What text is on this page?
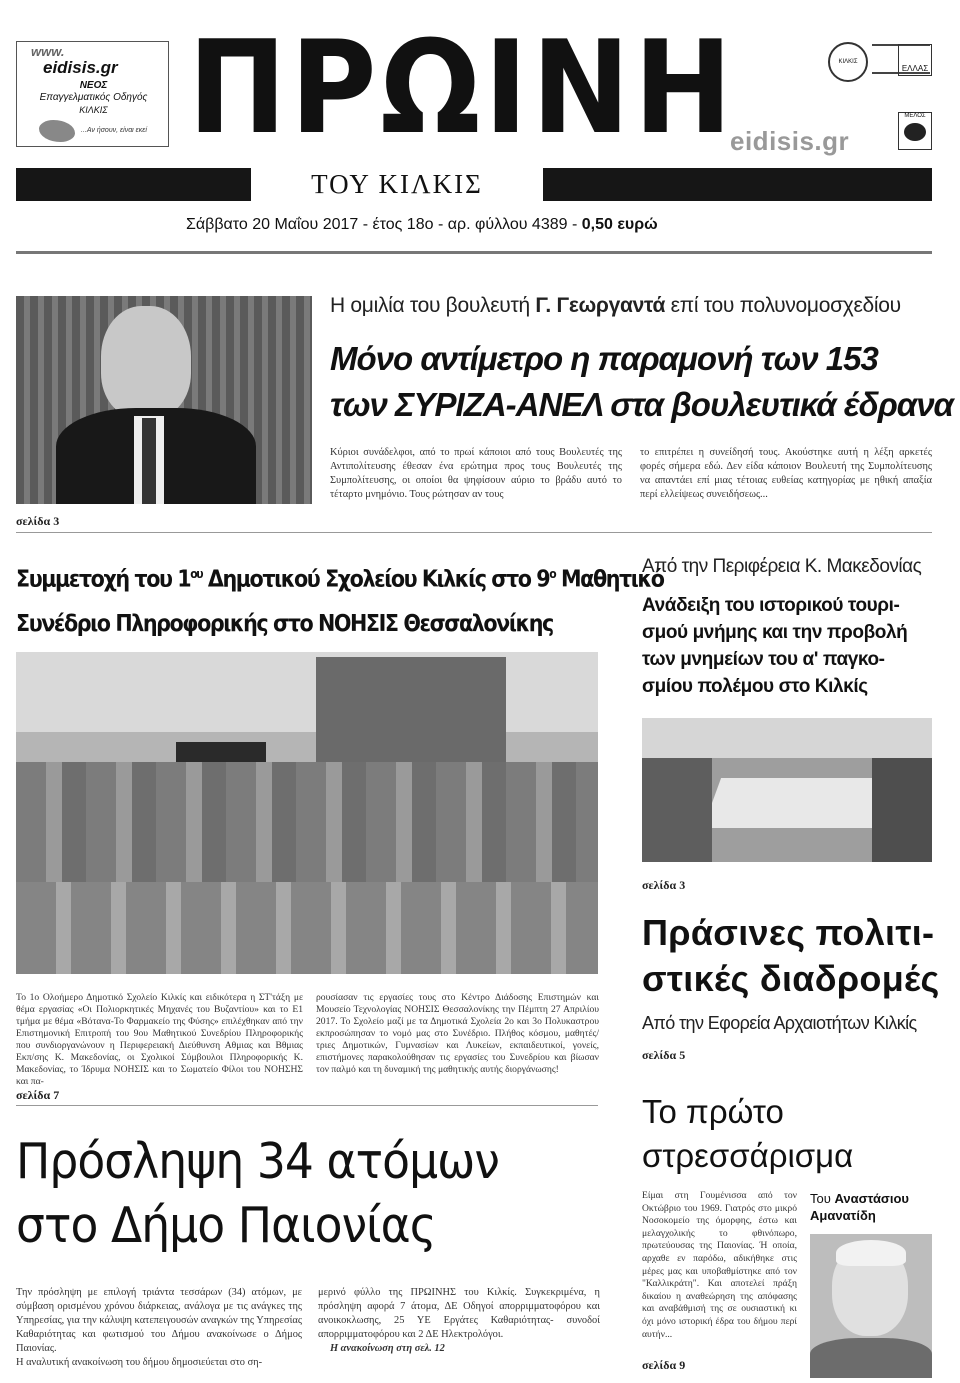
www.
eidisis.gr
ΝΕΟΣ
Επαγγελματικός Οδηγός
ΚΙΛΚΙΣ
...Αν ήσουν, είναι εκεί ΠΡΩΙΝΗ	ΚΙΛΚΙΣ
ΕΛΛΑΣ
ΜΕΛΟΣ
eidisis.gr
ΤΟΥ ΚΙΛΚΙΣ
Σάββατο 20 Μαΐου 2017 - έτος 18ο - αρ. φύλλου 4389 - 0,50 ευρώ
Η ομιλία του βουλευτή Γ. Γεωργαντά επί του πολυνομοσχεδίου
Μόνο αντίμετρο η παραμονή των 153
των ΣΥΡΙΖΑ-ΑΝΕΛ στα βουλευτικά έδρανα

Κύριοι συνάδελφοι, από το πρωί κάποιοι από τους Βουλευτές της Αντιπολίτευσης έθεσαν ένα ερώτημα προς τους Βουλευτές της Συμπολίτευσης, οι οποίοι θα ψηφίσουν αύριο το βράδυ αυτό το τέταρτο μνημόνιο. Τους ρώτησαν αν τους

το επιτρέπει η συνείδησή τους. Ακούστηκε αυτή η λέξη αρκετές φορές σήμερα εδώ. Δεν είδα κάποιον Βουλευτή της Συμπολίτευσης να απαντάει επί μιας τέτοιας ευθείας κατηγορίας με ηθική απαξία περί ελλείψεως συνειδήσεως...

σελίδα 3
Συμμετοχή του $1^{o\upsilon}$ Δημοτικού Σχολείου Κιλκίς στο $9^o$ Μαθητικό
Συνέδριο Πληροφορικής στο ΝΟΗΣΙΣ Θεσσαλονίκης

Το 1ο Ολοήμερο Δημοτικό Σχολείο Κιλκίς και ειδικότερα η ΣΤ'τάξη με θέμα εργασίας «Οι Πολιορκητικές Μηχανές του Βυζαντίου» και το Ε1 τμήμα με θέμα «Βότανα-Το Φαρμακείο της Φύσης» επιλέχθηκαν από την Επιστημονική Επιτροπή του 9ου Μαθητικού Συνεδρίου Πληροφορικής που συνδιοργανώνουν η Περιφερειακή Διεύθυνση Αθμιας και Βθμιας Εκπ/σης Κ. Μακεδονίας, οι Σχολικοί Σύμβουλοι Πληροφορικής Κ. Μακεδονίας, το Ίδρυμα ΝΟΗΣΙΣ και το Σωματείο Φίλοι του ΝΟΗΣΗΣ και πα-

ρουσίασαν τις εργασίες τους στο Κέντρο Διάδοσης Επιστημών και Μουσείο Τεχνολογίας ΝΟΗΣΙΣ Θεσσαλονίκης την Πέμπτη 27 Απριλίου 2017. Το Σχολείο μαζί με τα Δημοτικά Σχολεία 2ο και 3ο Πολυκαστρου εκπροσώπησαν το νομό μας στο Συνέδριο. Πλήθος κόσμου, μαθητές/τριες Δημοτικών, Γυμνασίων και Λυκείων, εκπαιδευτικοί, γονείς, επιστήμονες παρακολούθησαν τις εργασίες του Συνεδρίου και βίωσαν τον παλμό και τη δυναμική της μαθητικής αυτής διοργάνωσης!

σελίδα 7
Από την Περιφέρεια Κ. Μακεδονίας
Ανάδειξη του ιστορικού τουρι-
σμού μνήμης και την προβολή
των μνημείων του α' παγκο-
σμίου πολέμου στο Κιλκίς
σελίδα 3
Πράσινες πολιτι-
στικές διαδρομές
Από την Εφορεία Αρχαιοτήτων Κιλκίς
σελίδα 5
Πρόσληψη 34 ατόμων
στο Δήμο Παιονίας

Την πρόσληψη με επιλογή τριάντα τεσσάρων (34) ατόμων, με σύμβαση ορισμένου χρόνου διάρκειας, ανάλογα με τις ανάγκες της Υπηρεσίας, για την κάλυψη κατεπειγουσών αναγκών της Υπηρεσίας Καθαριότητας και φωτισμού του Δήμου ανακοίνωσε ο Δήμος Παιονίας.

Η αναλυτική ανακοίνωση του δήμου δημοσιεύεται στο ση-

μερινό φύλλο της ΠΡΩΙΝΗΣ του Κιλκίς. Συγκεκριμένα, η πρόσληψη αφορά 7 άτομα, ΔΕ Οδηγοί απορριμματοφόρου και ανοικοκλωσης, 25 ΥΕ Εργάτες Καθαριότητας- συνοδοί απορριμματοφόρου και 2 ΔΕ Ηλεκτρολόγοι.

Η ανακοίνωση στη σελ. 12

Το πρώτο
στρεσσάρισμα

Είμαι στη Γουμένισσα από τον Οκτώβριο του 1969. Γιατρός στο μικρό Νοσοκομείο της όμορφης, έστω και μελαγχολικής το φθινόπωρο, πρωτεύουσας της Παιονίας. Ή οποία, αρχαθε εν παρόδω, αδικήθηκε στις μέρες μας και υποβαθμίστηκε από τον "Καλλικράτη". Και αποτελεί πράξη δικαίου η αναθεώρηση της απόφασης και αναβάθμισή της σε ουσιαστική κι όχι μόνο ιστορική έδρα του δήμου περί αυτήν...

Του Αναστάσιου
Αμανατίδη
σελίδα 9
